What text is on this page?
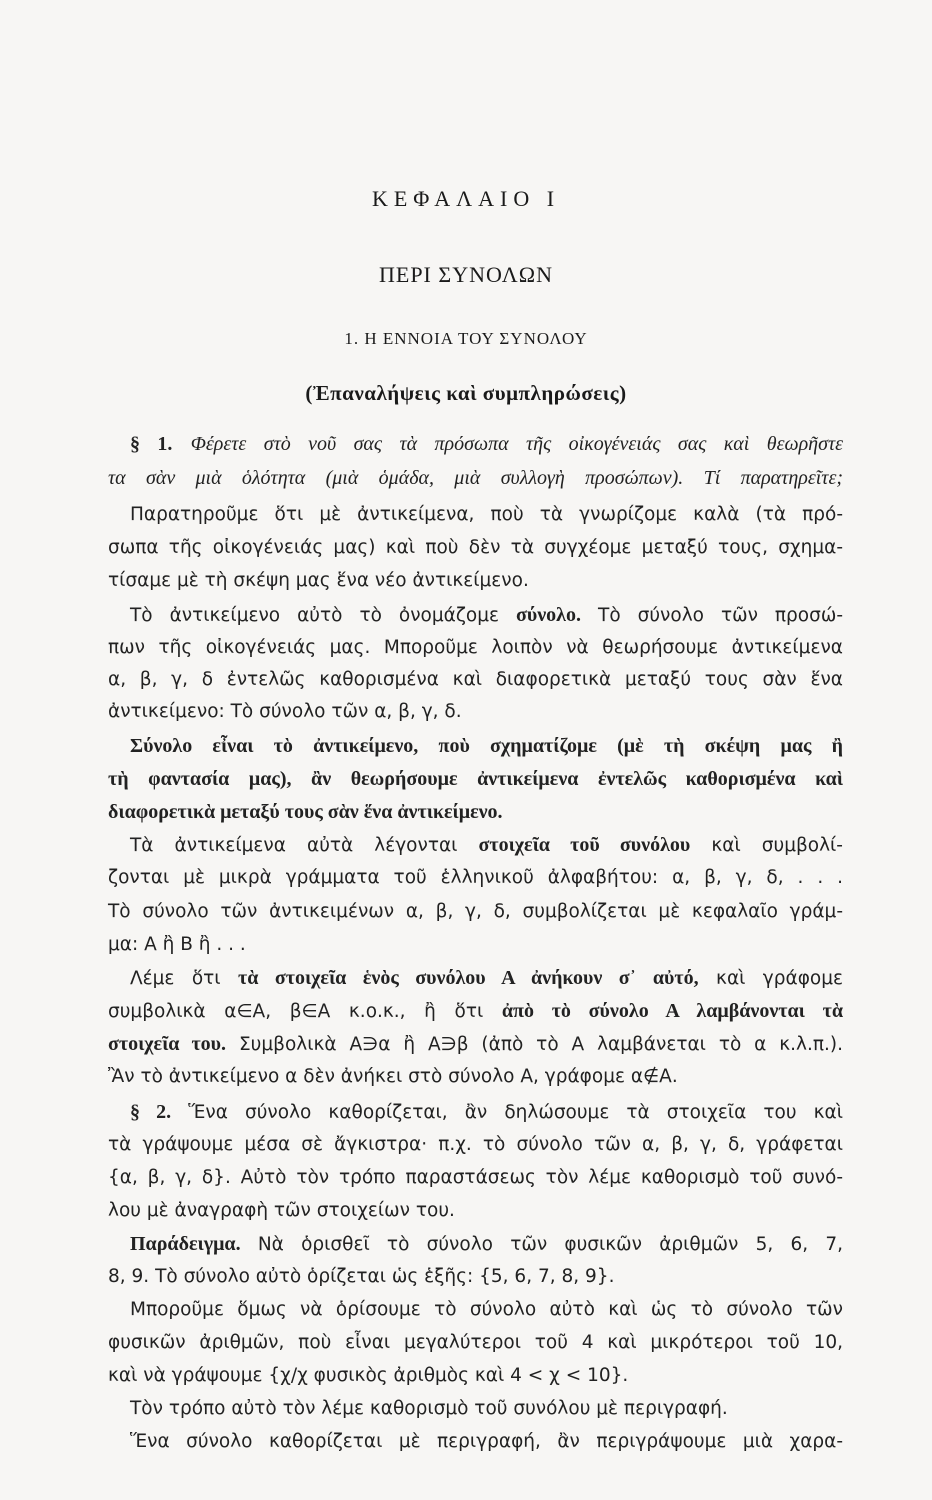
ΚΕΦΑΛΑΙΟ Ι
ΠΕΡΙ ΣΥΝΟΛΩΝ
1. Η ΕΝΝΟΙΑ ΤΟΥ ΣΥΝΟΛΟΥ
(Ἐπαναλήψεις καὶ συμπληρώσεις)
§ 1. Φέρετε στὸ νοῦ σας τὰ πρόσωπα τῆς οἰκογένειάς σας καὶ θεωρῆστε
τα σὰν μιὰ ὁλότητα (μιὰ ὁμάδα, μιὰ συλλογὴ προσώπων). Τί παρατηρεῖτε;
Παρατηροῦμε ὅτι μὲ ἀντικείμενα, ποὺ τὰ γνωρίζομε καλὰ (τὰ πρό-
σωπα τῆς οἰκογένειάς μας) καὶ ποὺ δὲν τὰ συγχέομε μεταξύ τους, σχημα-
τίσαμε μὲ τὴ σκέψη μας ἕνα νέο ἀντικείμενο.
Τὸ ἀντικείμενο αὐτὸ τὸ ὀνομάζομε σύνολο. Τὸ σύνολο τῶν προσώ-
πων τῆς οἰκογένειάς μας. Μποροῦμε λοιπὸν νὰ θεωρήσουμε ἀντικείμενα
α, β, γ, δ ἐντελῶς καθορισμένα καὶ διαφορετικὰ μεταξύ τους σὰν ἕνα
ἀντικείμενο: Τὸ σύνολο τῶν α, β, γ, δ.
Σύνολο εἶναι τὸ ἀντικείμενο, ποὺ σχηματίζομε (μὲ τὴ σκέψη μας ἢ
τὴ φαντασία μας), ἂν θεωρήσουμε ἀντικείμενα ἐντελῶς καθορισμένα καὶ
διαφορετικὰ μεταξύ τους σὰν ἕνα ἀντικείμενο.
Τὰ ἀντικείμενα αὐτὰ λέγονται στοιχεῖα τοῦ συνόλου καὶ συμβολί-
ζονται μὲ μικρὰ γράμματα τοῦ ἑλληνικοῦ ἀλφαβήτου: α, β, γ, δ, . . .
Τὸ σύνολο τῶν ἀντικειμένων α, β, γ, δ, συμβολίζεται μὲ κεφαλαῖο γράμ-
μα: Α ἢ Β ἢ . . .
Λέμε ὅτι τὰ στοιχεῖα ἑνὸς συνόλου Α ἀνήκουν σ᾿ αὐτό, καὶ γράφομε
συμβολικὰ α∈Α, β∈Α κ.ο.κ., ἢ ὅτι ἀπὸ τὸ σύνολο Α λαμβάνονται τὰ
στοιχεῖα του. Συμβολικὰ Α∋α ἢ Α∋β (ἀπὸ τὸ Α λαμβάνεται τὸ α κ.λ.π.).
Ἂν τὸ ἀντικείμενο α δὲν ἀνήκει στὸ σύνολο Α, γράφομε α∉Α.
§ 2. Ἕνα σύνολο καθορίζεται, ἂν δηλώσουμε τὰ στοιχεῖα του καὶ
τὰ γράψουμε μέσα σὲ ἄγκιστρα· π.χ. τὸ σύνολο τῶν α, β, γ, δ, γράφεται
{α, β, γ, δ}. Αὐτὸ τὸν τρόπο παραστάσεως τὸν λέμε καθορισμὸ τοῦ συνό-
λου μὲ ἀναγραφὴ τῶν στοιχείων του.
Παράδειγμα. Νὰ ὁρισθεῖ τὸ σύνολο τῶν φυσικῶν ἀριθμῶν 5, 6, 7,
8, 9. Τὸ σύνολο αὐτὸ ὁρίζεται ὡς ἑξῆς: {5, 6, 7, 8, 9}.
Μποροῦμε ὅμως νὰ ὁρίσουμε τὸ σύνολο αὐτὸ καὶ ὡς τὸ σύνολο τῶν
φυσικῶν ἀριθμῶν, ποὺ εἶναι μεγαλύτεροι τοῦ 4 καὶ μικρότεροι τοῦ 10,
καὶ νὰ γράψουμε {χ/χ φυσικὸς ἀριθμὸς καὶ 4 < χ < 10}.
Τὸν τρόπο αὐτὸ τὸν λέμε καθορισμὸ τοῦ συνόλου μὲ περιγραφή.
Ἕνα σύνολο καθορίζεται μὲ περιγραφή, ἂν περιγράψουμε μιὰ χαρα-
